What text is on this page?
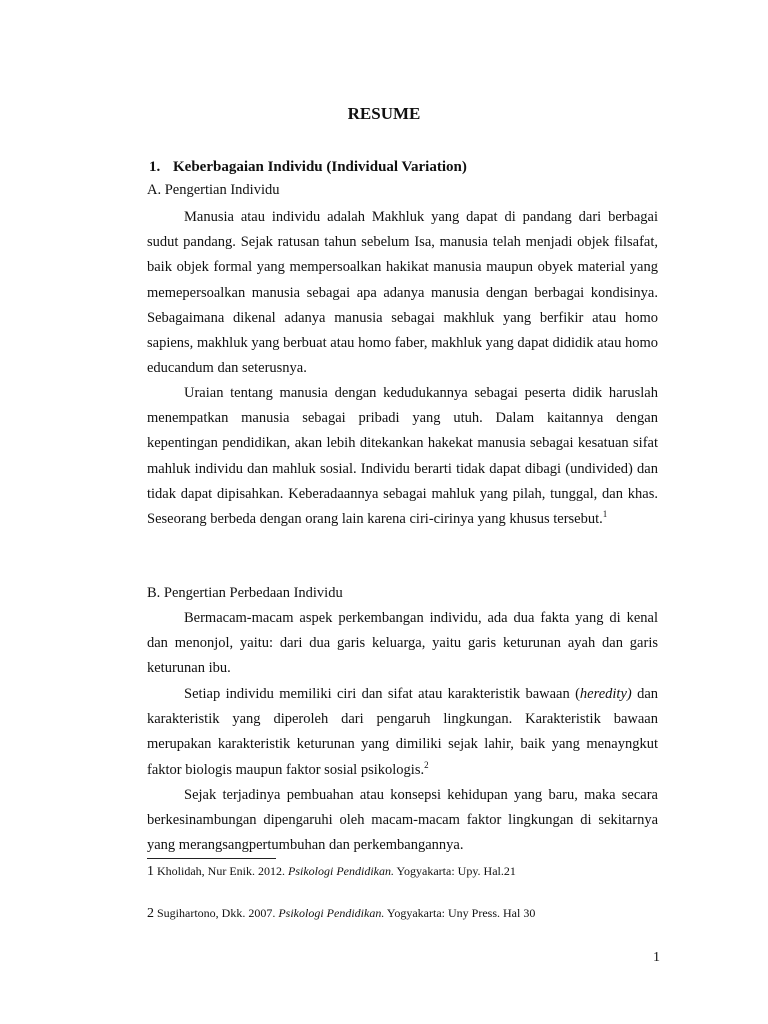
RESUME
1. Keberbagaian Individu (Individual Variation)
A. Pengertian Individu

Manusia atau individu adalah Makhluk yang dapat di pandang dari berbagai sudut pandang. Sejak ratusan tahun sebelum Isa, manusia telah menjadi objek filsafat, baik objek formal yang mempersoalkan hakikat manusia maupun obyek material yang memepersoalkan manusia sebagai apa adanya manusia dengan berbagai kondisinya. Sebagaimana dikenal adanya manusia sebagai makhluk yang berfikir atau homo sapiens, makhluk yang berbuat atau homo faber, makhluk yang dapat dididik atau homo educandum dan seterusnya.

Uraian tentang manusia dengan kedudukannya sebagai peserta didik haruslah menempatkan manusia sebagai pribadi yang utuh. Dalam kaitannya dengan kepentingan pendidikan, akan lebih ditekankan hakekat manusia sebagai kesatuan sifat mahluk individu dan mahluk sosial. Individu berarti tidak dapat dibagi (undivided) dan tidak dapat dipisahkan. Keberadaannya sebagai mahluk yang pilah, tunggal, dan khas. Seseorang berbeda dengan orang lain karena ciri-cirinya yang khusus tersebut.$^1$

B. Pengertian Perbedaan Individu

Bermacam-macam aspek perkembangan individu, ada dua fakta yang di kenal dan menonjol, yaitu: dari dua garis keluarga, yaitu garis keturunan ayah dan garis keturunan ibu.

Setiap individu memiliki ciri dan sifat atau karakteristik bawaan (heredity) dan karakteristik yang diperoleh dari pengaruh lingkungan. Karakteristik bawaan merupakan karakteristik keturunan yang dimiliki sejak lahir, baik yang menayngkut faktor biologis maupun faktor sosial psikologis.$^2$

Sejak terjadinya pembuahan atau konsepsi kehidupan yang baru, maka secara berkesinambungan dipengaruhi oleh macam-macam faktor lingkungan di sekitarnya yang merangsangpertumbuhan dan perkembangannya.

1 Kholidah, Nur Enik. 2012. Psikologi Pendidikan. Yogyakarta: Upy. Hal.21
2 Sugihartono, Dkk. 2007. Psikologi Pendidikan. Yogyakarta: Uny Press. Hal 30
1
